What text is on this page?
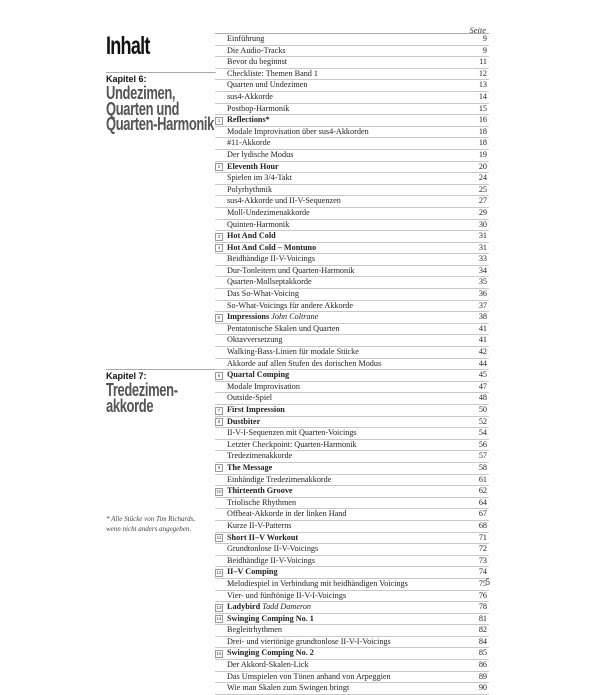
Inhalt
Seite
Kapitel 6:
Undezimen,
Quarten und
Quarten-Harmonik
Kapitel 7:
Tredezimen-
akkorde
Einführung	9
Die Audio-Tracks	9
Bevor du beginnst	11
Checkliste: Themen Band 1	12
Quarten und Undezimen	13
sus4-Akkorde	14
Postbop-Harmonik	15
1 Reflections*	16
Modale Improvisation über sus4-Akkorden	18
#11-Akkorde	18
Der lydische Modus	19
2 Eleventh Hour	20
Spielen im 3/4-Takt	24
Polyrhythmik	25
sus4-Akkorde und II-V-Sequenzen	27
Moll-Undezimenakkorde	29
Quinten-Harmonik	30
3 Hot And Cold	31
4 Hot And Cold – Montuno	31
Beidhändige II-V-Voicings	33
Dur-Tonleitern und Quarten-Harmonik	34
Quarten-Mollseptakkorde	35
Das So-What-Voicing	36
So-What-Voicings für andere Akkorde	37
5 Impressions John Coltrane	38
Pentatonische Skalen und Quarten	41
Oktavversetzung	41
Walking-Bass-Linien für modale Stücke	42
Akkorde auf allen Stufen des dorischen Modus	44
6 Quartal Comping	45
Modale Improvisation	47
Outside-Spiel	48
7 First Impression	50
8 Dustbiter	52
II-V-I-Sequenzen mit Quarten-Voicings	54
Letzter Checkpoint: Quarten-Harmonik	56
Tredezimenakkorde	57
9 The Message	58
Einhändige Tredezimenakkorde	61
10 Thirteenth Groove	62
Triolische Rhythmen	64
Offbeat-Akkorde in der linken Hand	67
Kurze II-V-Patterns	68
11 Short II–V Workout	71
Grundtonlose II-V-Voicings	72
Beidhändige II-V-Voicings	73
12 II–V Comping	74
Melodiespiel in Verbindung mit beidhändigen Voicings	75
Vier- und fünftönige II-V-I-Voicings	76
13 Ladybird Tadd Dameron	78
14 Swinging Comping No. 1	81
Begleitrhythmen	82
Drei- und viertönige grundtonlose II-V-I-Voicings	84
15 Swinging Comping No. 2	85
Der Akkord-Skalen-Lick	86
Das Umspielen von Tönen anhand von Arpeggien	89
Wie man Skalen zum Swingen bringt	90
* Alle Stücke von Tim Richards, wenn nicht anders angegeben.
5
